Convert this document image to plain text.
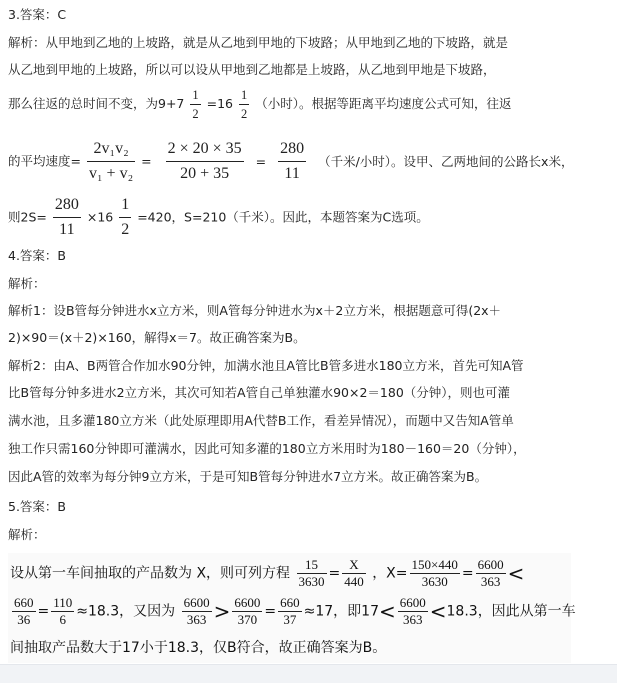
3.答案：C
解析：从甲地到乙地的上坡路，就是从乙地到甲地的下坡路；从甲地到乙地的下坡路，就是
从乙地到甲地的上坡路，所以可以设从甲地到乙地都是上坡路，从乙地到甲地是下坡路，
那么往返的总时间不变，为$9+7 \frac{1}{2} =16 \frac{1}{2}$ （小时）。根据等距离平均速度公式可知，往返
的平均速度= $\frac{\text{2v₁v₂}}{\text{v₁ + v₂}} = \frac{2 \times 20 \times 35}{20 + 35} = \frac{280}{11}$ （千米/小时）。设甲、乙两地间的公路长x米，
则$2S= \frac{280}{11} \times 16 \frac{1}{2} =420$，S=210（千米）。因此，本题答案为C选项。
4.答案：B
解析：
解析1：设B管每分钟进水x立方米，则A管每分钟进水为x＋2立方米，根据题意可得(2x＋
2)×90＝(x＋2)×160，解得x＝7。故正确答案为B。
解析2：由A、B两管合作加水90分钟，加满水池且A管比B管多进水180立方米，首先可知A管
比B管每分钟多进水2立方米，其次可知若A管自己单独灌水90×2＝180（分钟），则也可灌
满水池，且多灌180立方米（此处原理即用A代替B工作，看差异情况），而题中又告知A管单
独工作只需160分钟即可灌满水，因此可知多灌的180立方米用时为180－160＝20（分钟），
因此A管的效率为每分钟9立方米，于是可知B管每分钟进水7立方米。故正确答案为B。
5.答案：B
解析：
设从第一车间抽取的产品数为 X，则可列方程 $\frac{15}{3630} = \frac{X}{440}$ ，$X= \frac{150\times 440}{3630} = \frac{6600}{363}$ <
$\frac{660}{36} = \frac{110}{6} \approx 18.3$，又因为 $\frac{6600}{363} > \frac{6600}{370} = \frac{660}{37} \approx 17$，即$17< \frac{6600}{363} <18.3$，因此从第一车
间抽取产品数大于17小于18.3，仅B符合，故正确答案为B。
